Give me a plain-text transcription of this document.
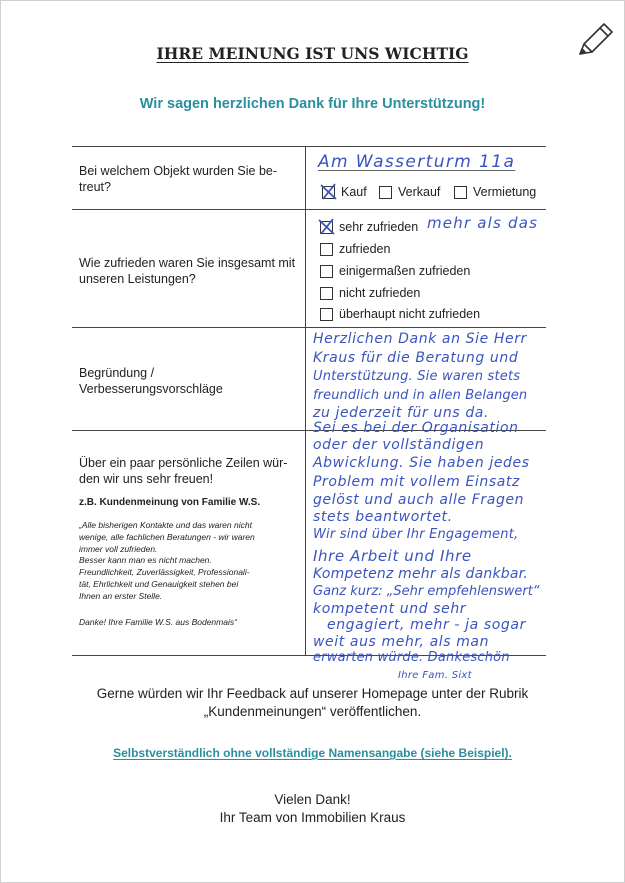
IHRE MEINUNG IST UNS WICHTIG
Wir sagen herzlichen Dank für Ihre Unterstützung!
Bei welchem Objekt wurden Sie be-
treut?
Am Wasserturm 11a
Kauf	Verkauf	Vermietung
Wie zufrieden waren Sie insgesamt mit
unseren Leistungen?
sehr zufrieden mehr als das
zufrieden
einigermaßen zufrieden
nicht zufrieden
überhaupt nicht zufrieden
Begründung /
Verbesserungsvorschläge
Über ein paar persönliche Zeilen wür-
den wir uns sehr freuen!
z.B. Kundenmeinung von Familie W.S.
„Alle bisherigen Kontakte und das waren nicht
wenige, alle fachlichen Beratungen - wir waren
immer voll zufrieden.
Besser kann man es nicht machen.
Freundlichkeit, Zuverlässigkeit, Professionali-
tät, Ehrlichkeit und Genauigkeit stehen bei
Ihnen an erster Stelle.
Danke! Ihre Familie W.S. aus Bodenmais“
Herzlichen Dank an Sie Herr
Kraus für die Beratung und
Unterstützung. Sie waren stets
freundlich und in allen Belangen
zu jederzeit für uns da.
Sei es bei der Organisation
oder der vollständigen
Abwicklung. Sie haben jedes
Problem mit vollem Einsatz
gelöst und auch alle Fragen
stets beantwortet.
Wir sind über Ihr Engagement,
Ihre Arbeit und Ihre
Kompetenz mehr als dankbar.
Ganz kurz: „Sehr empfehlenswert“
kompetent und sehr
engagiert, mehr - ja sogar
weit aus mehr, als man
erwarten würde. Dankeschön
Ihre Fam. Sixt
Gerne würden wir Ihr Feedback auf unserer Homepage unter der Rubrik
„Kundenmeinungen“ veröffentlichen.
Selbstverständlich ohne vollständige Namensangabe (siehe Beispiel).
Vielen Dank!
Ihr Team von Immobilien Kraus
